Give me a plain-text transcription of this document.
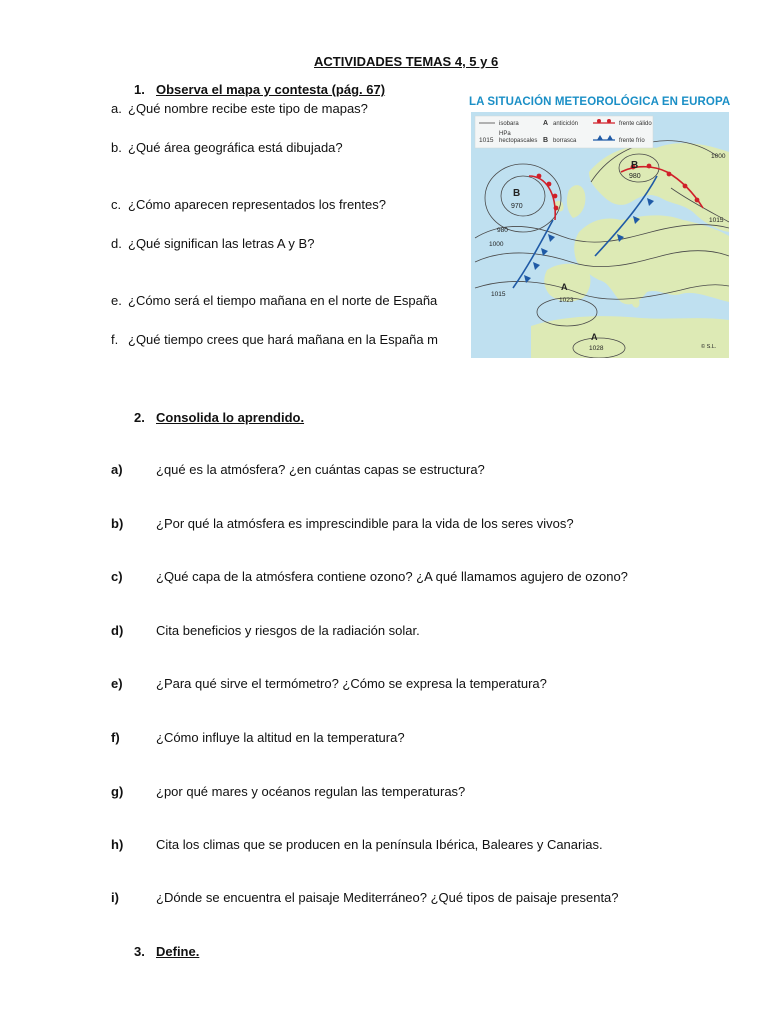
ACTIVIDADES TEMAS 4, 5 y 6
1. Observa el mapa y contesta (pág. 67)
a. ¿Qué nombre recibe este tipo de mapas?
b. ¿Qué área geográfica está dibujada?
c. ¿Cómo aparecen representados los frentes?
d. ¿Qué significan las letras A y B?
e. ¿Cómo será el tiempo mañana en el norte de España
f. ¿Qué tiempo crees que hará mañana en la España m
LA SITUACIÓN METEOROLÓGICA EN EUROPA
B
970
B
980
A
1023
A
1028
980
1000
1015
1000
1015
© S.L.
isobara
1015
HPa
hectopascales
A anticiclón
B borrasca
frente cálido
frente frío
2. Consolida lo aprendido.
a)	¿qué es la atmósfera? ¿en cuántas capas se estructura?
b)	¿Por qué la atmósfera es imprescindible para la vida de los seres vivos?
c)	¿Qué capa de la atmósfera contiene ozono? ¿A qué llamamos agujero de ozono?
d)	Cita beneficios y riesgos de la radiación solar.
e)	¿Para qué sirve el termómetro? ¿Cómo se expresa la temperatura?
f)	¿Cómo influye la altitud en la temperatura?
g)	¿por qué mares y océanos regulan las temperaturas?
h)	Cita los climas que se producen en la península Ibérica, Baleares y Canarias.
i)	¿Dónde se encuentra el paisaje Mediterráneo? ¿Qué tipos de paisaje presenta?
3. Define.
